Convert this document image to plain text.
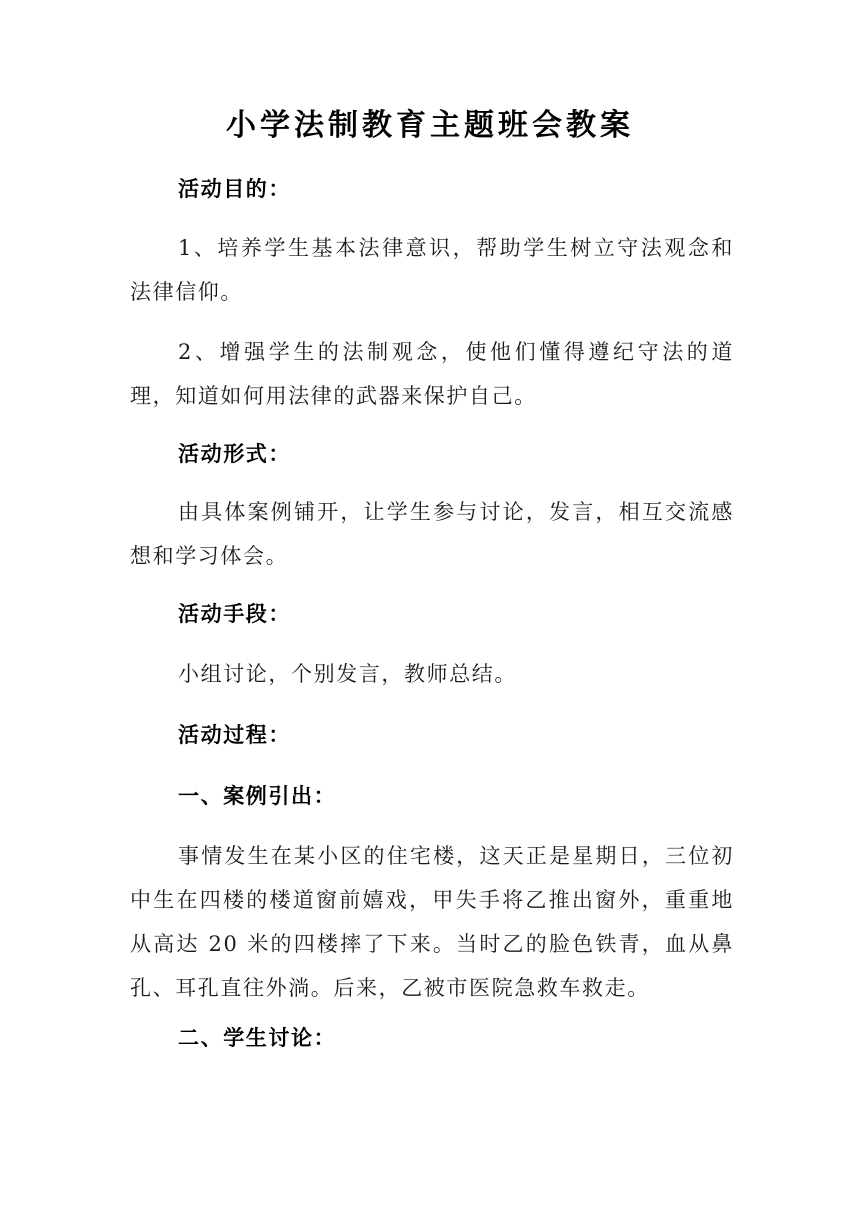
小学法制教育主题班会教案
活动目的：
1、培养学生基本法律意识，帮助学生树立守法观念和法律信仰。
2、增强学生的法制观念，使他们懂得遵纪守法的道理，知道如何用法律的武器来保护自己。
活动形式：
由具体案例铺开，让学生参与讨论，发言，相互交流感想和学习体会。
活动手段：
小组讨论，个别发言，教师总结。
活动过程：
一、案例引出：
事情发生在某小区的住宅楼，这天正是星期日，三位初中生在四楼的楼道窗前嬉戏，甲失手将乙推出窗外，重重地从高达 20 米的四楼摔了下来。当时乙的脸色铁青，血从鼻孔、耳孔直往外淌。后来，乙被市医院急救车救走。
二、学生讨论：
